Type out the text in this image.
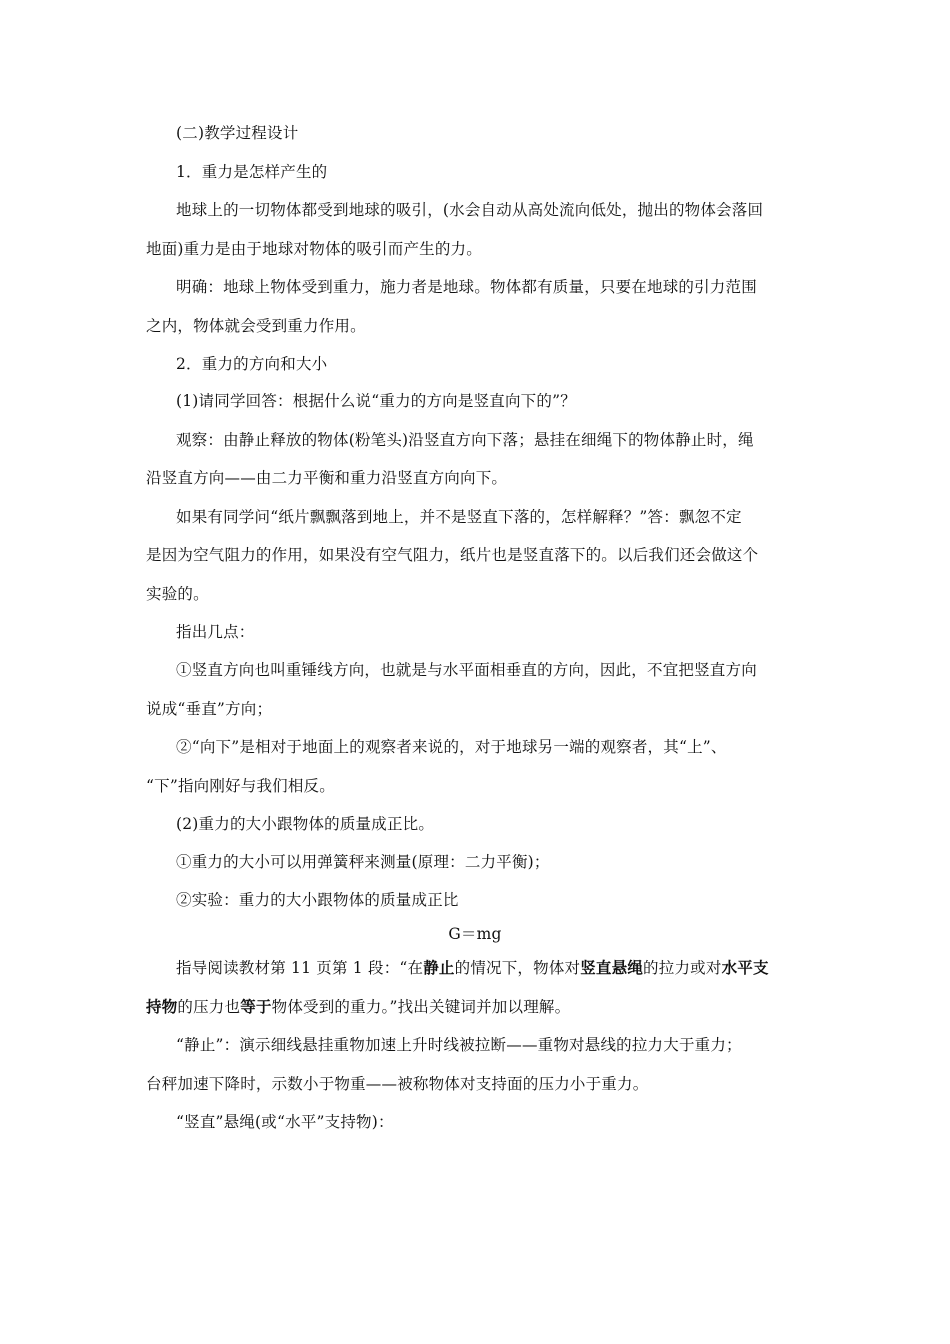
(二)教学过程设计
1．重力是怎样产生的
地球上的一切物体都受到地球的吸引，(水会自动从高处流向低处，抛出的物体会落回
地面)重力是由于地球对物体的吸引而产生的力。
明确：地球上物体受到重力，施力者是地球。物体都有质量，只要在地球的引力范围
之内，物体就会受到重力作用。
2．重力的方向和大小
(1)请同学回答：根据什么说“重力的方向是竖直向下的”？
观察：由静止释放的物体(粉笔头)沿竖直方向下落；悬挂在细绳下的物体静止时，绳
沿竖直方向——由二力平衡和重力沿竖直方向向下。
如果有同学问“纸片飘飘落到地上，并不是竖直下落的，怎样解释？”答：飘忽不定
是因为空气阻力的作用，如果没有空气阻力，纸片也是竖直落下的。以后我们还会做这个
实验的。
指出几点：
①竖直方向也叫重锤线方向，也就是与水平面相垂直的方向，因此，不宜把竖直方向
说成“垂直”方向；
②“向下”是相对于地面上的观察者来说的，对于地球另一端的观察者，其“上”、
“下”指向刚好与我们相反。
(2)重力的大小跟物体的质量成正比。
①重力的大小可以用弹簧秤来测量(原理：二力平衡)；
②实验：重力的大小跟物体的质量成正比
G＝mg
指导阅读教材第 11 页第 1 段：“在静止的情况下，物体对竖直悬绳的拉力或对水平支
持物的压力也等于物体受到的重力。”找出关键词并加以理解。
“静止”：演示细线悬挂重物加速上升时线被拉断——重物对悬线的拉力大于重力；
台秤加速下降时，示数小于物重——被称物体对支持面的压力小于重力。
“竖直”悬绳(或“水平”支持物)：
